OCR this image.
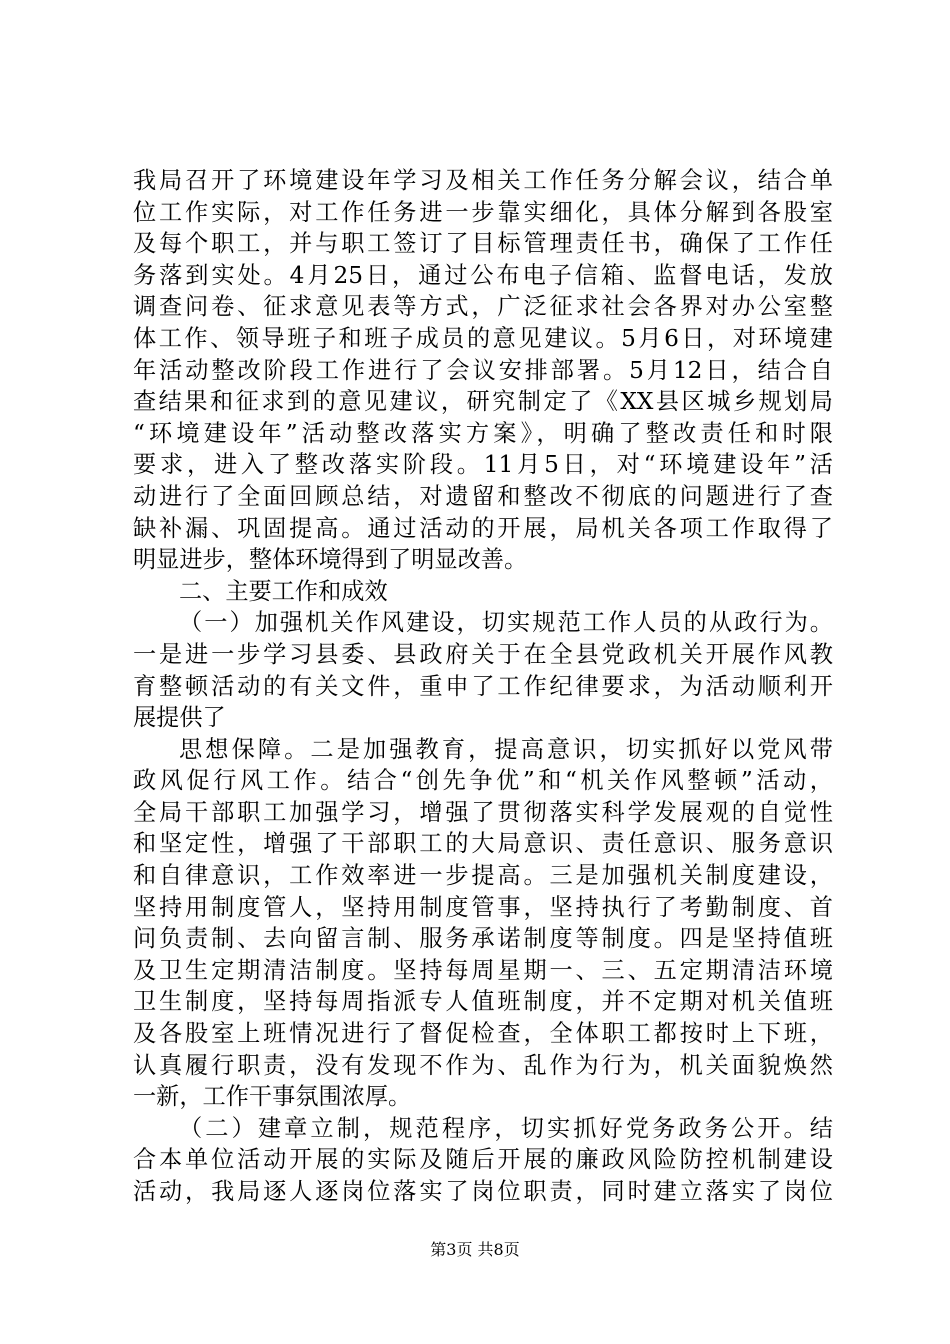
我局召开了环境建设年学习及相关工作任务分解会议，结合单
位工作实际，对工作任务进一步靠实细化，具体分解到各股室
及每个职工，并与职工签订了目标管理责任书，确保了工作任
务落到实处。4月25日，通过公布电子信箱、监督电话，发放
调查问卷、征求意见表等方式，广泛征求社会各界对办公室整
体工作、领导班子和班子成员的意见建议。5月6日，对环境建
年活动整改阶段工作进行了会议安排部署。5月12日，结合自
查结果和征求到的意见建议，研究制定了《XX县区城乡规划局
“环境建设年”活动整改落实方案》，明确了整改责任和时限
要求，进入了整改落实阶段。11月5日，对“环境建设年”活
动进行了全面回顾总结，对遗留和整改不彻底的问题进行了查
缺补漏、巩固提高。通过活动的开展，局机关各项工作取得了
明显进步，整体环境得到了明显改善。
二、主要工作和成效
（一）加强机关作风建设，切实规范工作人员的从政行为。
一是进一步学习县委、县政府关于在全县党政机关开展作风教
育整顿活动的有关文件，重申了工作纪律要求，为活动顺利开
展提供了
思想保障。二是加强教育，提高意识，切实抓好以党风带
政风促行风工作。结合“创先争优”和“机关作风整顿”活动，
全局干部职工加强学习，增强了贯彻落实科学发展观的自觉性
和坚定性，增强了干部职工的大局意识、责任意识、服务意识
和自律意识，工作效率进一步提高。三是加强机关制度建设，
坚持用制度管人，坚持用制度管事，坚持执行了考勤制度、首
问负责制、去向留言制、服务承诺制度等制度。四是坚持值班
及卫生定期清洁制度。坚持每周星期一、三、五定期清洁环境
卫生制度，坚持每周指派专人值班制度，并不定期对机关值班
及各股室上班情况进行了督促检查，全体职工都按时上下班，
认真履行职责，没有发现不作为、乱作为行为，机关面貌焕然
一新，工作干事氛围浓厚。
（二）建章立制，规范程序，切实抓好党务政务公开。结
合本单位活动开展的实际及随后开展的廉政风险防控机制建设
活动，我局逐人逐岗位落实了岗位职责，同时建立落实了岗位
第3页 共8页
